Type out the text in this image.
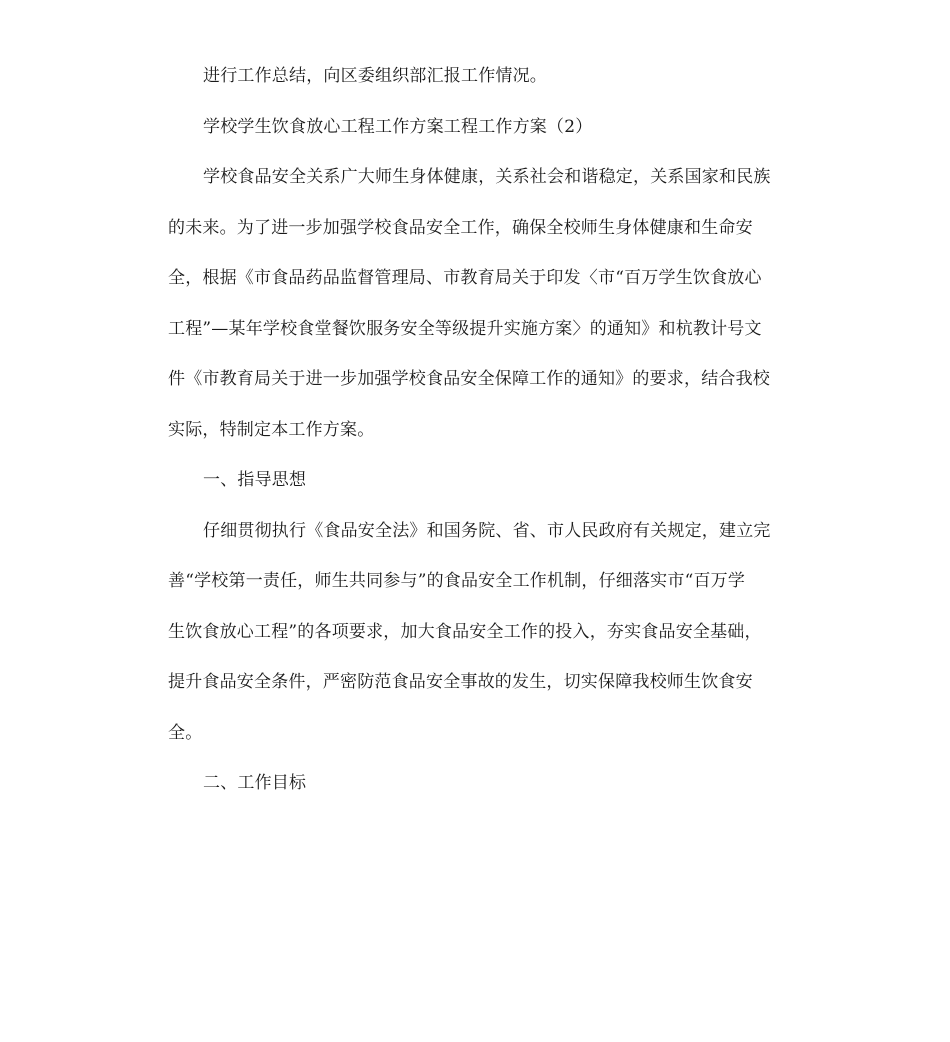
进行工作总结，向区委组织部汇报工作情况。
学校学生饮食放心工程工作方案工程工作方案（2）
学校食品安全关系广大师生身体健康，关系社会和谐稳定，关系国家和民族
的未来。为了进一步加强学校食品安全工作，确保全校师生身体健康和生命安
全，根据《市食品药品监督管理局、市教育局关于印发〈市“百万学生饮食放心
工程”—某年学校食堂餐饮服务安全等级提升实施方案〉的通知》和杭教计号文
件《市教育局关于进一步加强学校食品安全保障工作的通知》的要求，结合我校
实际，特制定本工作方案。
一、指导思想
仔细贯彻执行《食品安全法》和国务院、省、市人民政府有关规定，建立完
善“学校第一责任，师生共同参与”的食品安全工作机制，仔细落实市“百万学
生饮食放心工程”的各项要求，加大食品安全工作的投入，夯实食品安全基础，
提升食品安全条件，严密防范食品安全事故的发生，切实保障我校师生饮食安
全。
二、工作目标
